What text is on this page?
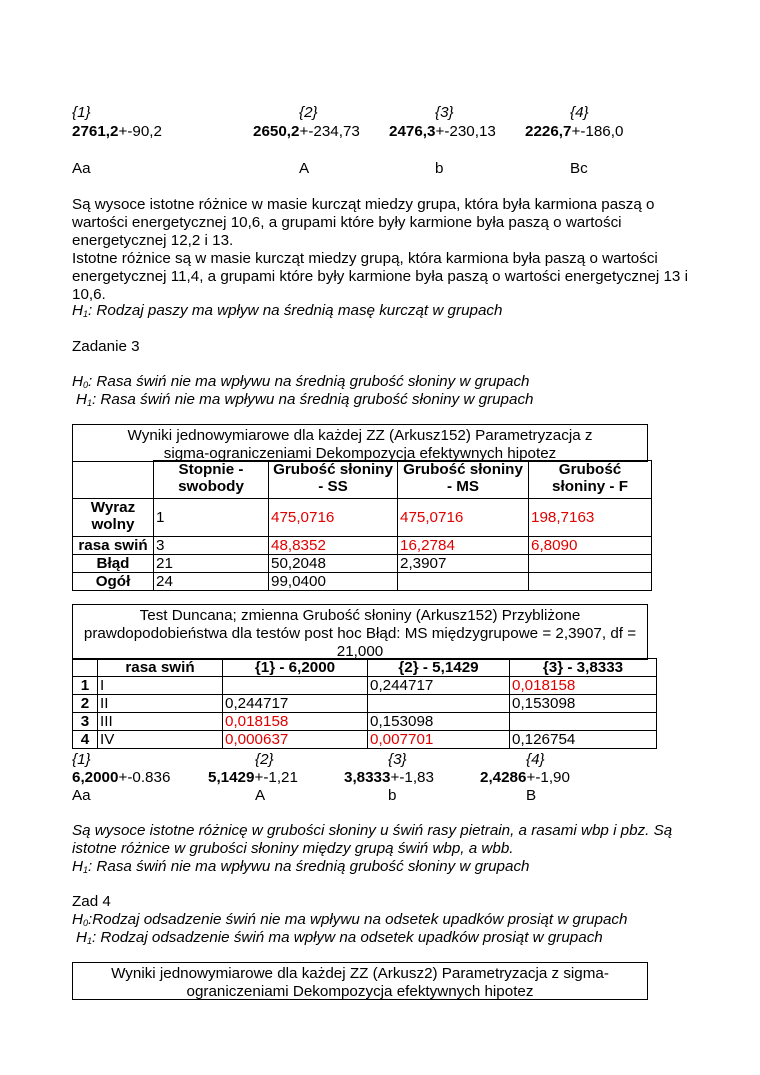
{1}	{2}	{3}	{4}
2761,2+-90,2	2650,2+-234,73 2476,3+-230,13 2226,7+-186,0
Aa	A	b	Bc
Są wysoce istotne różnice w masie kurcząt miedzy grupa, która była karmiona paszą o wartości energetycznej 10,6, a grupami które były karmione była paszą o wartości energetycznej 12,2 i 13.
Istotne różnice są w masie kurcząt miedzy grupą, która karmiona była paszą o wartości energetycznej 11,4, a grupami które były karmione była paszą o wartości energetycznej 13 i 10,6.
$H_1$: Rodzaj paszy ma wpływ na średnią masę kurcząt w grupach
Zadanie 3
$H_0$: Rasa świń nie ma wpływu na średnią grubość słoniny w grupach
$H_1$: Rasa świń nie ma wpływu na średnią grubość słoniny w grupach
Wyniki jednowymiarowe dla każdej ZZ (Arkusz152) Parametryzacja z sigma-ograniczeniami Dekompozycja efektywnych hipotez
	Stopnie - swobody	Grubość słoniny - SS	Grubość słoniny - MS	Grubość słoniny - F
Wyraz wolny	1	475,0716	475,0716	198,7163
rasa swiń	3	48,8352	16,2784	6,8090
Błąd	21	50,2048	2,3907	
Ogół	24	99,0400		
Test Duncana; zmienna Grubość słoniny (Arkusz152) Przybliżone prawdopodobieństwa dla testów post hoc Błąd: MS międzygrupowe = 2,3907, df = 21,000
	rasa swiń	{1} - 6,2000	{2} - 5,1429	{3} - 3,8333
1	I		0,244717	0,018158
2	II	0,244717		0,153098
3	III	0,018158	0,153098	
4	IV	0,000637	0,007701	0,126754
{1}	{2}	{3}	{4}
6,2000+-0.836 5,1429+-1,21	3,8333+-1,83	2,4286+-1,90
Aa	A	b	B
Są wysoce istotne różnicę w grubości słoniny u świń rasy pietrain, a rasami wbp i pbz. Są istotne różnice w grubości słoniny między grupą świń wbp, a wbb.
$H_1$: Rasa świń nie ma wpływu na średnią grubość słoniny w grupach
Zad 4
$H_0:Rodzaj$ odsadzenie świń nie ma wpływu na odsetek upadków prosiąt w grupach
$H_1$: Rodzaj odsadzenie świń ma wpływ na odsetek upadków prosiąt w grupach
Wyniki jednowymiarowe dla każdej ZZ (Arkusz2) Parametryzacja z sigma-ograniczeniami Dekompozycja efektywnych hipotez
